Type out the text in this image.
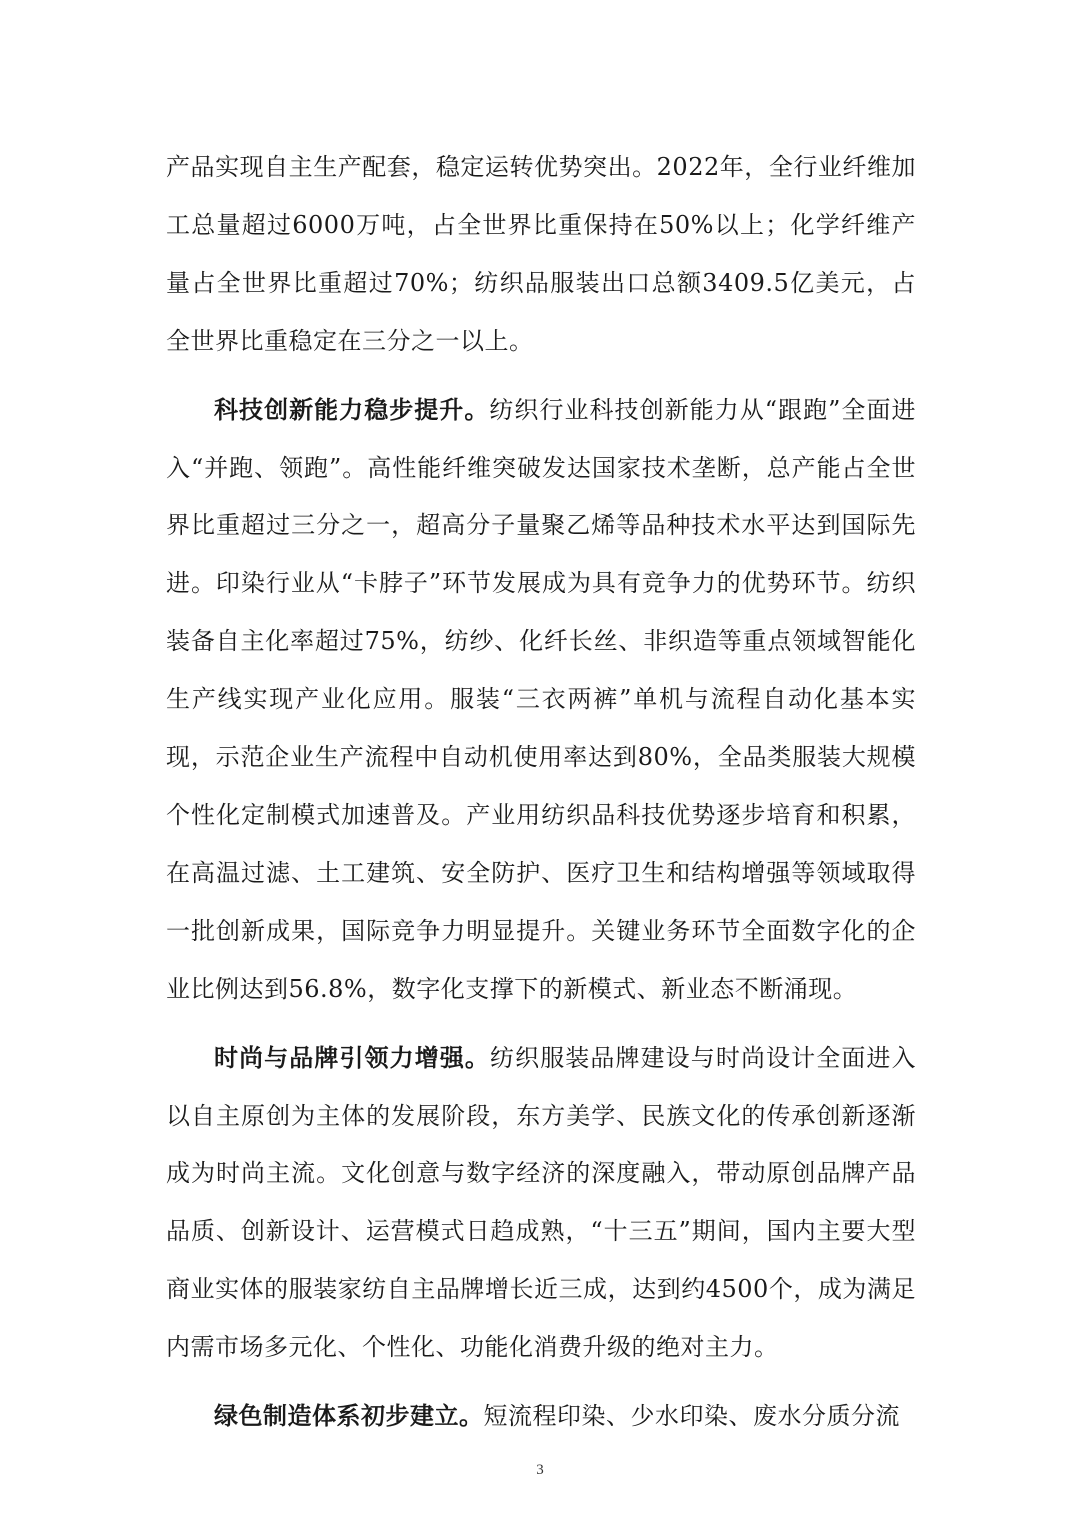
产品实现自主生产配套，稳定运转优势突出。2022年，全行业纤维加工总量超过6000万吨，占全世界比重保持在50%以上；化学纤维产量占全世界比重超过70%；纺织品服装出口总额3409.5亿美元，占全世界比重稳定在三分之一以上。

科技创新能力稳步提升。纺织行业科技创新能力从“跟跑”全面进入“并跑、领跑”。高性能纤维突破发达国家技术垄断，总产能占全世界比重超过三分之一，超高分子量聚乙烯等品种技术水平达到国际先进。印染行业从“卡脖子”环节发展成为具有竞争力的优势环节。纺织装备自主化率超过75%，纺纱、化纤长丝、非织造等重点领域智能化生产线实现产业化应用。服装“三衣两裤”单机与流程自动化基本实现，示范企业生产流程中自动机使用率达到80%，全品类服装大规模个性化定制模式加速普及。产业用纺织品科技优势逐步培育和积累，在高温过滤、土工建筑、安全防护、医疗卫生和结构增强等领域取得一批创新成果，国际竞争力明显提升。关键业务环节全面数字化的企业比例达到56.8%，数字化支撑下的新模式、新业态不断涌现。

时尚与品牌引领力增强。纺织服装品牌建设与时尚设计全面进入以自主原创为主体的发展阶段，东方美学、民族文化的传承创新逐渐成为时尚主流。文化创意与数字经济的深度融入，带动原创品牌产品品质、创新设计、运营模式日趋成熟，“十三五”期间，国内主要大型商业实体的服装家纺自主品牌增长近三成，达到约4500个，成为满足内需市场多元化、个性化、功能化消费升级的绝对主力。

绿色制造体系初步建立。短流程印染、少水印染、废水分质分流

3
